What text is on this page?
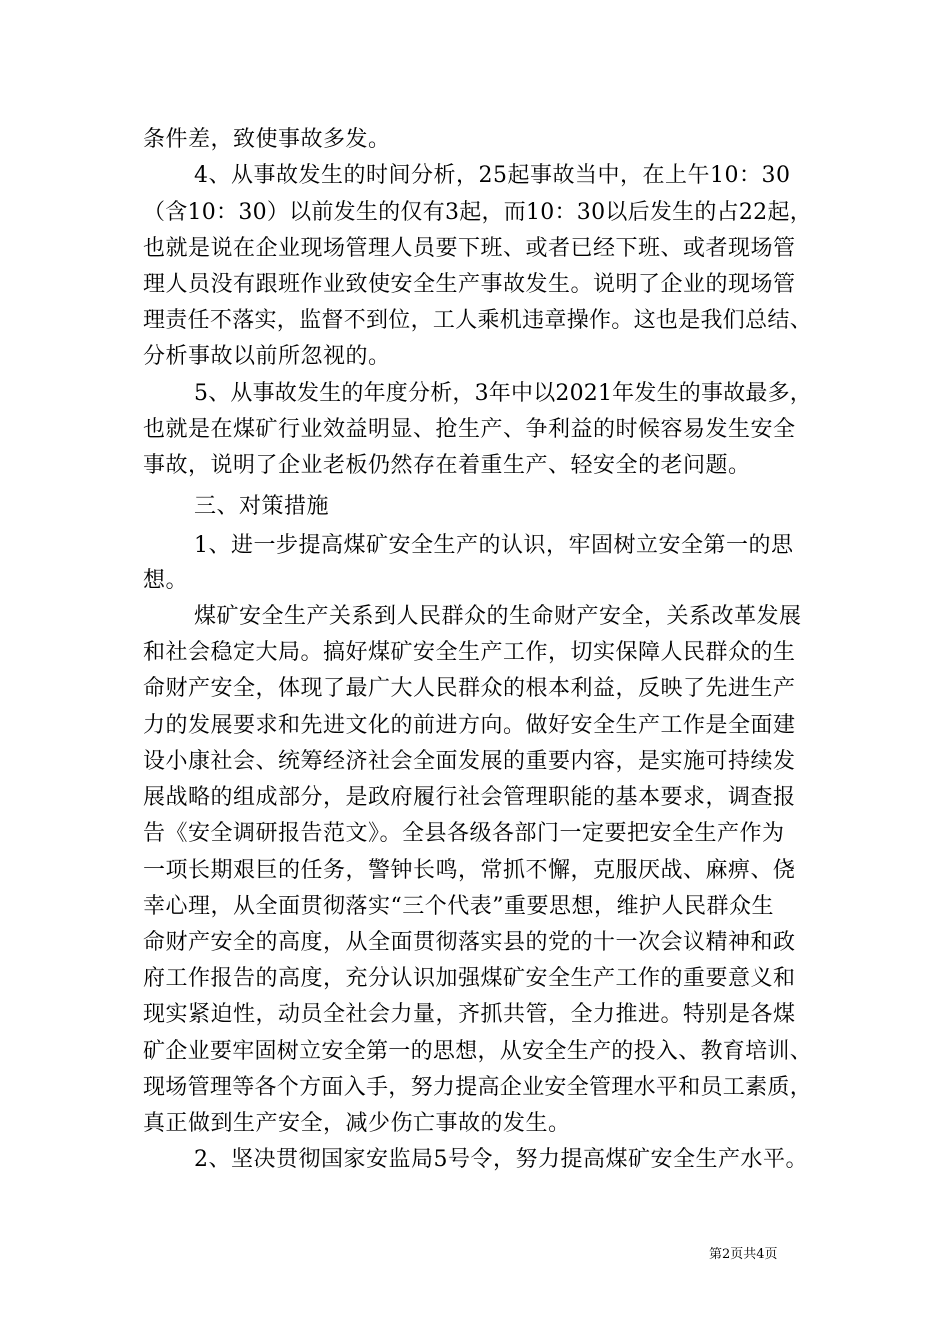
条件差，致使事故多发。
4、从事故发生的时间分析，25起事故当中，在上午10：30
（含10：30）以前发生的仅有3起，而10：30以后发生的占22起，
也就是说在企业现场管理人员要下班、或者已经下班、或者现场管
理人员没有跟班作业致使安全生产事故发生。说明了企业的现场管
理责任不落实，监督不到位，工人乘机违章操作。这也是我们总结、
分析事故以前所忽视的。
5、从事故发生的年度分析，3年中以2021年发生的事故最多，
也就是在煤矿行业效益明显、抢生产、争利益的时候容易发生安全
事故，说明了企业老板仍然存在着重生产、轻安全的老问题。
三、对策措施
1、进一步提高煤矿安全生产的认识，牢固树立安全第一的思
想。
煤矿安全生产关系到人民群众的生命财产安全，关系改革发展
和社会稳定大局。搞好煤矿安全生产工作，切实保障人民群众的生
命财产安全，体现了最广大人民群众的根本利益，反映了先进生产
力的发展要求和先进文化的前进方向。做好安全生产工作是全面建
设小康社会、统筹经济社会全面发展的重要内容，是实施可持续发
展战略的组成部分，是政府履行社会管理职能的基本要求，调查报
告《安全调研报告范文》。全县各级各部门一定要把安全生产作为
一项长期艰巨的任务，警钟长鸣，常抓不懈，克服厌战、麻痹、侥
幸心理，从全面贯彻落实“三个代表”重要思想，维护人民群众生
命财产安全的高度，从全面贯彻落实县的党的十一次会议精神和政
府工作报告的高度，充分认识加强煤矿安全生产工作的重要意义和
现实紧迫性，动员全社会力量，齐抓共管，全力推进。特别是各煤
矿企业要牢固树立安全第一的思想，从安全生产的投入、教育培训、
现场管理等各个方面入手，努力提高企业安全管理水平和员工素质，
真正做到生产安全，减少伤亡事故的发生。
2、坚决贯彻国家安监局5号令，努力提高煤矿安全生产水平。
第2页共4页
